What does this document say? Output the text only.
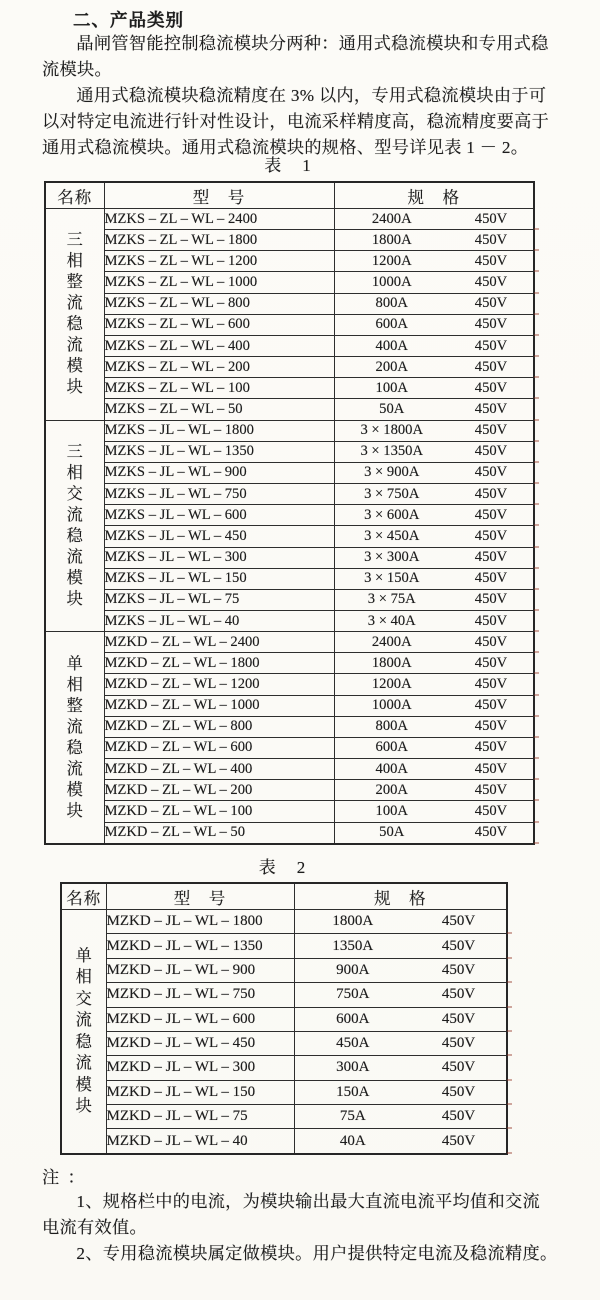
二、产品类别
晶闸管智能控制稳流模块分两种：通用式稳流模块和专用式稳
流模块。
通用式稳流模块稳流精度在 3% 以内，专用式稳流模块由于可
以对特定电流进行针对性设计，电流采样精度高，稳流精度要高于
通用式稳流模块。通用式稳流模块的规格、型号详见表 1 － 2。
表　1
名称	型　号	规　格	

三
相
整
流
稳
流
模
块
	MZKS – ZL – WL – 2400	2400A	450V
	MZKS – ZL – WL – 1800	1800A	450V
	MZKS – ZL – WL – 1200	1200A	450V
	MZKS – ZL – WL – 1000	1000A	450V
	MZKS – ZL – WL – 800	800A	450V
	MZKS – ZL – WL – 600	600A	450V
	MZKS – ZL – WL – 400	400A	450V
	MZKS – ZL – WL – 200	200A	450V
	MZKS – ZL – WL – 100	100A	450V
	MZKS – ZL – WL – 50	50A	450V

三
相
交
流
稳
流
模
块
	MZKS – JL – WL – 1800	3 × 1800A	450V
	MZKS – JL – WL – 1350	3 × 1350A	450V
	MZKS – JL – WL – 900	3 × 900A	450V
	MZKS – JL – WL – 750	3 × 750A	450V
	MZKS – JL – WL – 600	3 × 600A	450V
	MZKS – JL – WL – 450	3 × 450A	450V
	MZKS – JL – WL – 300	3 × 300A	450V
	MZKS – JL – WL – 150	3 × 150A	450V
	MZKS – JL – WL – 75	3 × 75A	450V
	MZKS – JL – WL – 40	3 × 40A	450V

单
相
整
流
稳
流
模
块
	MZKD – ZL – WL – 2400	2400A	450V
	MZKD – ZL – WL – 1800	1800A	450V
	MZKD – ZL – WL – 1200	1200A	450V
	MZKD – ZL – WL – 1000	1000A	450V
	MZKD – ZL – WL – 800	800A	450V
	MZKD – ZL – WL – 600	600A	450V
	MZKD – ZL – WL – 400	400A	450V
	MZKD – ZL – WL – 200	200A	450V
	MZKD – ZL – WL – 100	100A	450V
	MZKD – ZL – WL – 50	50A	450V
表　2
名称	型　号	规　格	

单
相
交
流
稳
流
模
块
	MZKD – JL – WL – 1800	1800A	450V
	MZKD – JL – WL – 1350	1350A	450V
	MZKD – JL – WL – 900	900A	450V
	MZKD – JL – WL – 750	750A	450V
	MZKD – JL – WL – 600	600A	450V
	MZKD – JL – WL – 450	450A	450V
	MZKD – JL – WL – 300	300A	450V
	MZKD – JL – WL – 150	150A	450V
	MZKD – JL – WL – 75	75A	450V
	MZKD – JL – WL – 40	40A	450V
注 ：
1、规格栏中的电流，为模块输出最大直流电流平均值和交流
电流有效值。
2、专用稳流模块属定做模块。用户提供特定电流及稳流精度。
